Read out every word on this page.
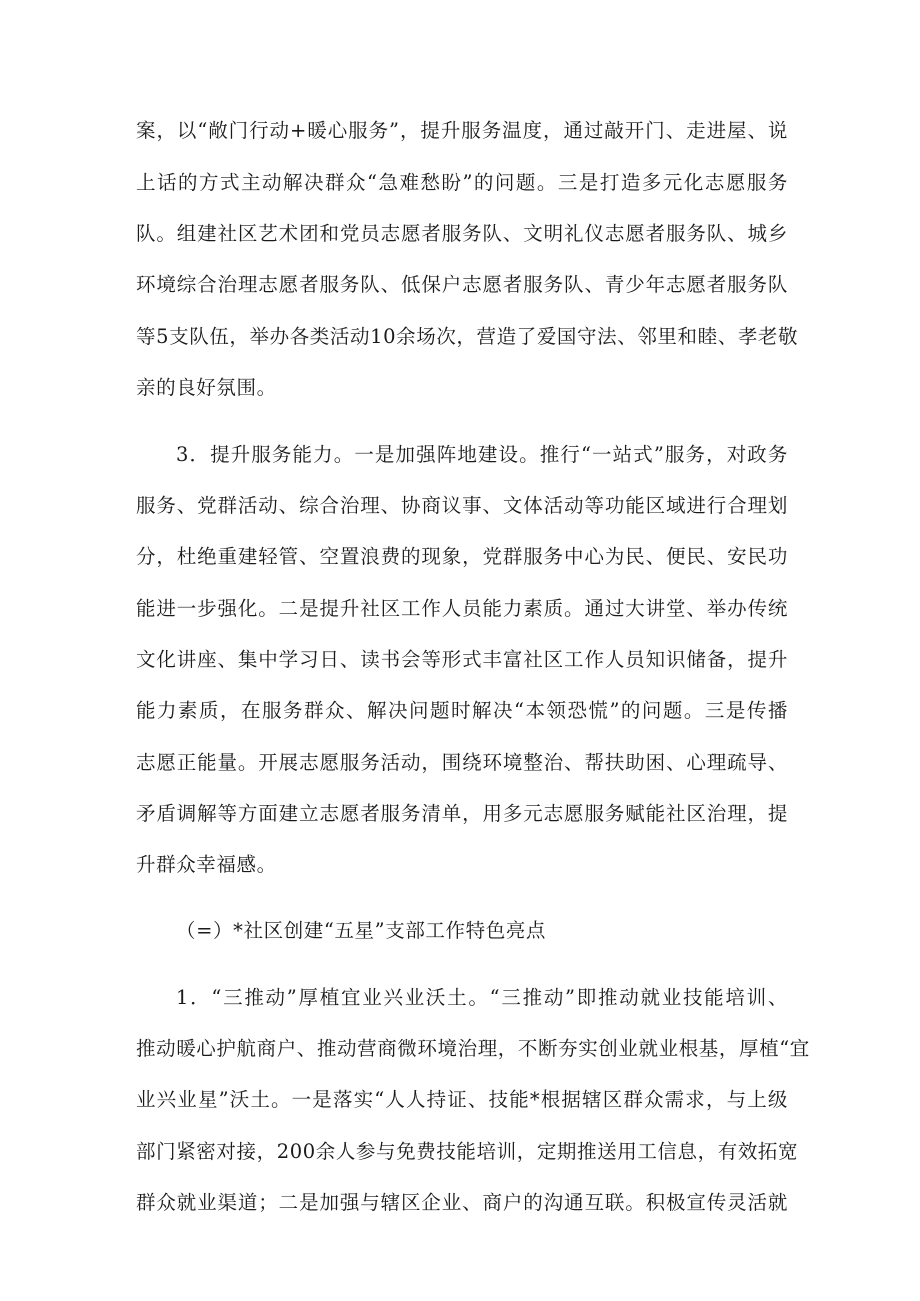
案，以“敞门行动+暖心服务”，提升服务温度，通过敲开门、走进屋、说

上话的方式主动解决群众“急难愁盼”的问题。三是打造多元化志愿服务

队。组建社区艺术团和党员志愿者服务队、文明礼仪志愿者服务队、城乡

环境综合治理志愿者服务队、低保户志愿者服务队、青少年志愿者服务队

等5支队伍，举办各类活动10余场次，营造了爱国守法、邻里和睦、孝老敬

亲的良好氛围。

3．提升服务能力。一是加强阵地建设。推行“一站式”服务，对政务

服务、党群活动、综合治理、协商议事、文体活动等功能区域进行合理划

分，杜绝重建轻管、空置浪费的现象，党群服务中心为民、便民、安民功

能进一步强化。二是提升社区工作人员能力素质。通过大讲堂、举办传统

文化讲座、集中学习日、读书会等形式丰富社区工作人员知识储备，提升

能力素质，在服务群众、解决问题时解决“本领恐慌”的问题。三是传播

志愿正能量。开展志愿服务活动，围绕环境整治、帮扶助困、心理疏导、

矛盾调解等方面建立志愿者服务清单，用多元志愿服务赋能社区治理，提

升群众幸福感。

（=）*社区创建“五星”支部工作特色亮点

1．“三推动”厚植宜业兴业沃土。“三推动”即推动就业技能培训、

推动暖心护航商户、推动营商微环境治理，不断夯实创业就业根基，厚植“宜

业兴业星”沃土。一是落实“人人持证、技能*根据辖区群众需求，与上级

部门紧密对接，200余人参与免费技能培训，定期推送用工信息，有效拓宽

群众就业渠道；二是加强与辖区企业、商户的沟通互联。积极宣传灵活就
